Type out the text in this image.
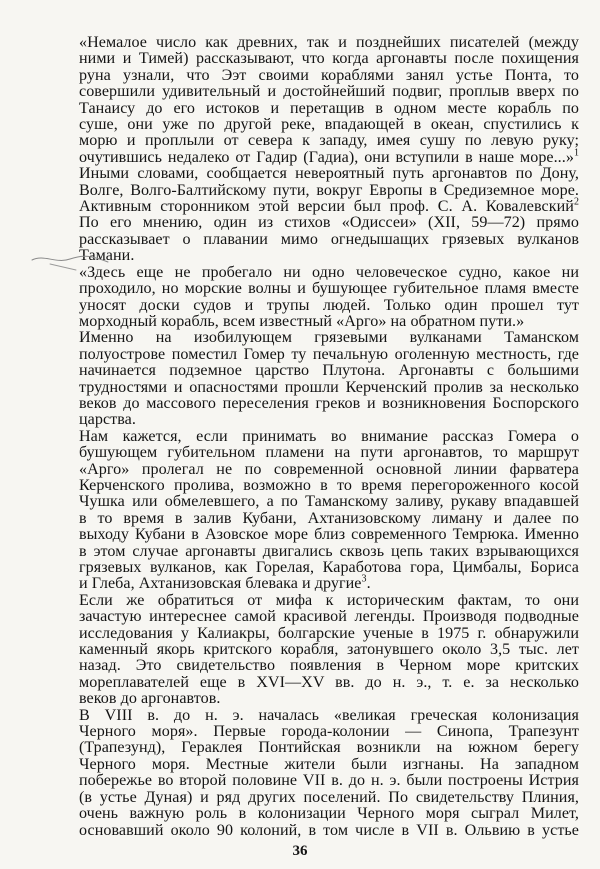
«Немалое число как древних, так и позднейших писателей (между
ними и Тимей) рассказывают, что когда аргонавты после похищения
руна узнали, что Ээт своими кораблями занял устье Понта, то
совершили удивительный и достойнейший подвиг, проплыв вверх по
Танаису до его истоков и перетащив в одном месте корабль по
суше, они уже по другой реке, впадающей в океан, спустились к
морю и проплыли от севера к западу, имея сушу по левую руку;
очутившись недалеко от Гадир (Гадиа), они вступили в наше море...»$^1$
Иными словами, сообщается невероятный путь аргонавтов по Дону,
Волге, Волго-Балтийскому пути, вокруг Европы в Средиземное море.
Активным сторонником этой версии был проф. С. А. Ковалевский$^2$
По его мнению, один из стихов «Одиссеи» (XII, 59—72) прямо
рассказывает о плавании мимо огнедышащих грязевых вулканов
Тамани.

«Здесь еще не пробегало ни одно человеческое судно, какое ни
проходило, но морские волны и бушующее губительное пламя вместе
уносят доски судов и трупы людей. Только один прошел тут
морходный корабль, всем известный «Арго» на обратном пути.»

Именно на изобилующем грязевыми вулканами Таманском
полуострове поместил Гомер ту печальную оголенную местность, где
начинается подземное царство Плутона. Аргонавты с большими
трудностями и опасностями прошли Керченский пролив за несколько
веков до массового переселения греков и возникновения Боспорского
царства.

Нам кажется, если принимать во внимание рассказ Гомера о
бушующем губительном пламени на пути аргонавтов, то маршрут
«Арго» пролегал не по современной основной линии фарватера
Керченского пролива, возможно в то время перегороженного косой
Чушка или обмелевшего, а по Таманскому заливу, рукаву впадавшей
в то время в залив Кубани, Ахтанизовскому лиману и далее по
выходу Кубани в Азовское море близ современного Темрюка. Именно
в этом случае аргонавты двигались сквозь цепь таких взрывающихся
грязевых вулканов, как Горелая, Каработова гора, Цимбалы, Бориса
и Глеба, Ахтанизовская блевака и другие$^3$.

Если же обратиться от мифа к историческим фактам, то они
зачастую интереснее самой красивой легенды. Производя подводные
исследования у Калиакры, болгарские ученые в 1975 г. обнаружили
каменный якорь критского корабля, затонувшего около 3,5 тыс. лет
назад. Это свидетельство появления в Черном море критских
мореплавателей еще в XVI—XV вв. до н. э., т. е. за несколько
веков до аргонавтов.

В VIII в. до н. э. началась «великая греческая колонизация
Черного моря». Первые города-колонии — Синопа, Трапезунт
(Трапезунд), Гераклея Понтийская возникли на южном берегу
Черного моря. Местные жители были изгнаны. На западном
побережье во второй половине VII в. до н. э. были построены Истрия
(в устье Дуная) и ряд других поселений. По свидетельству Плиния,
очень важную роль в колонизации Черного моря сыграл Милет,
основавший около 90 колоний, в том числе в VII в. Ольвию в устье

36
